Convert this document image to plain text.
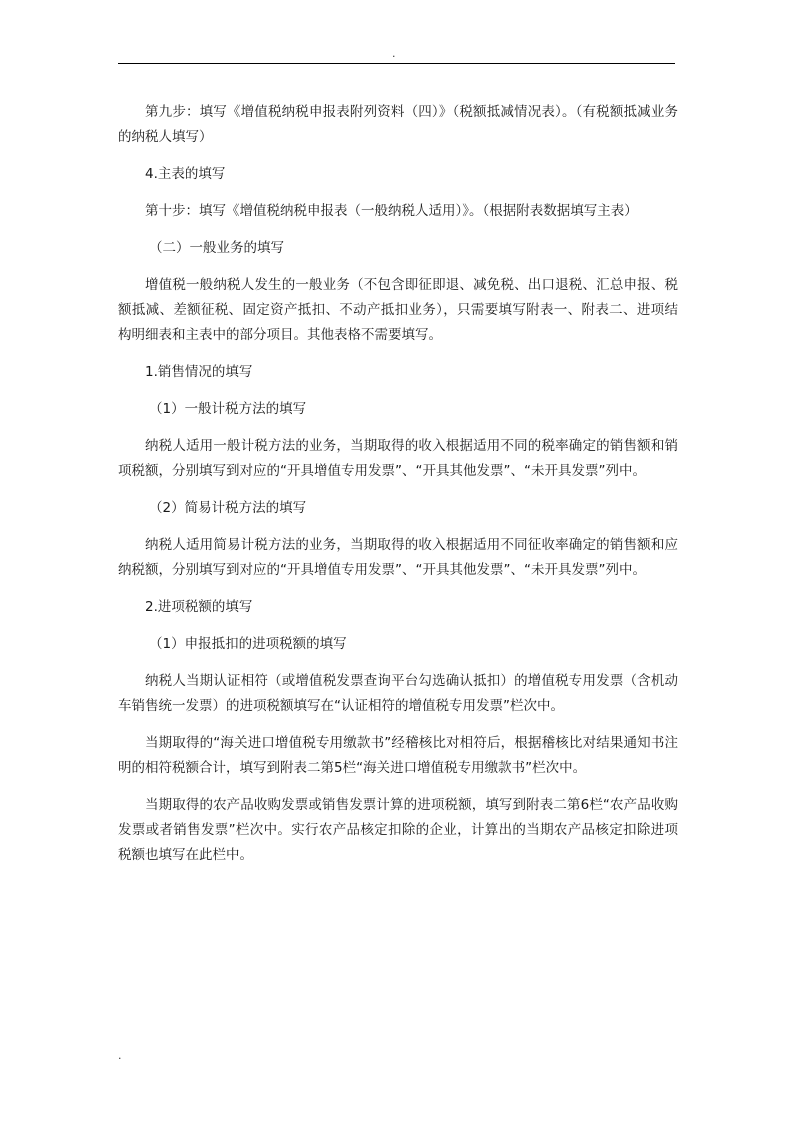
.

第九步：填写《增值税纳税申报表附列资料（四）》（税额抵减情况表）。（有税额抵减业务的纳税人填写）

4.主表的填写

第十步：填写《增值税纳税申报表（一般纳税人适用）》。（根据附表数据填写主表）

（二）一般业务的填写

增值税一般纳税人发生的一般业务（不包含即征即退、减免税、出口退税、汇总申报、税额抵减、差额征税、固定资产抵扣、不动产抵扣业务），只需要填写附表一、附表二、进项结构明细表和主表中的部分项目。其他表格不需要填写。

1.销售情况的填写

（1）一般计税方法的填写

纳税人适用一般计税方法的业务，当期取得的收入根据适用不同的税率确定的销售额和销项税额，分别填写到对应的“开具增值专用发票”、“开具其他发票”、“未开具发票”列中。

（2）简易计税方法的填写

纳税人适用简易计税方法的业务，当期取得的收入根据适用不同征收率确定的销售额和应纳税额，分别填写到对应的“开具增值专用发票”、“开具其他发票”、“未开具发票”列中。

2.进项税额的填写

（1）申报抵扣的进项税额的填写

纳税人当期认证相符（或增值税发票查询平台勾选确认抵扣）的增值税专用发票（含机动车销售统一发票）的进项税额填写在“认证相符的增值税专用发票”栏次中。

当期取得的“海关进口增值税专用缴款书”经稽核比对相符后，根据稽核比对结果通知书注明的相符税额合计，填写到附表二第5栏“海关进口增值税专用缴款书”栏次中。

当期取得的农产品收购发票或销售发票计算的进项税额，填写到附表二第6栏“农产品收购发票或者销售发票”栏次中。实行农产品核定扣除的企业，计算出的当期农产品核定扣除进项税额也填写在此栏中。

.
